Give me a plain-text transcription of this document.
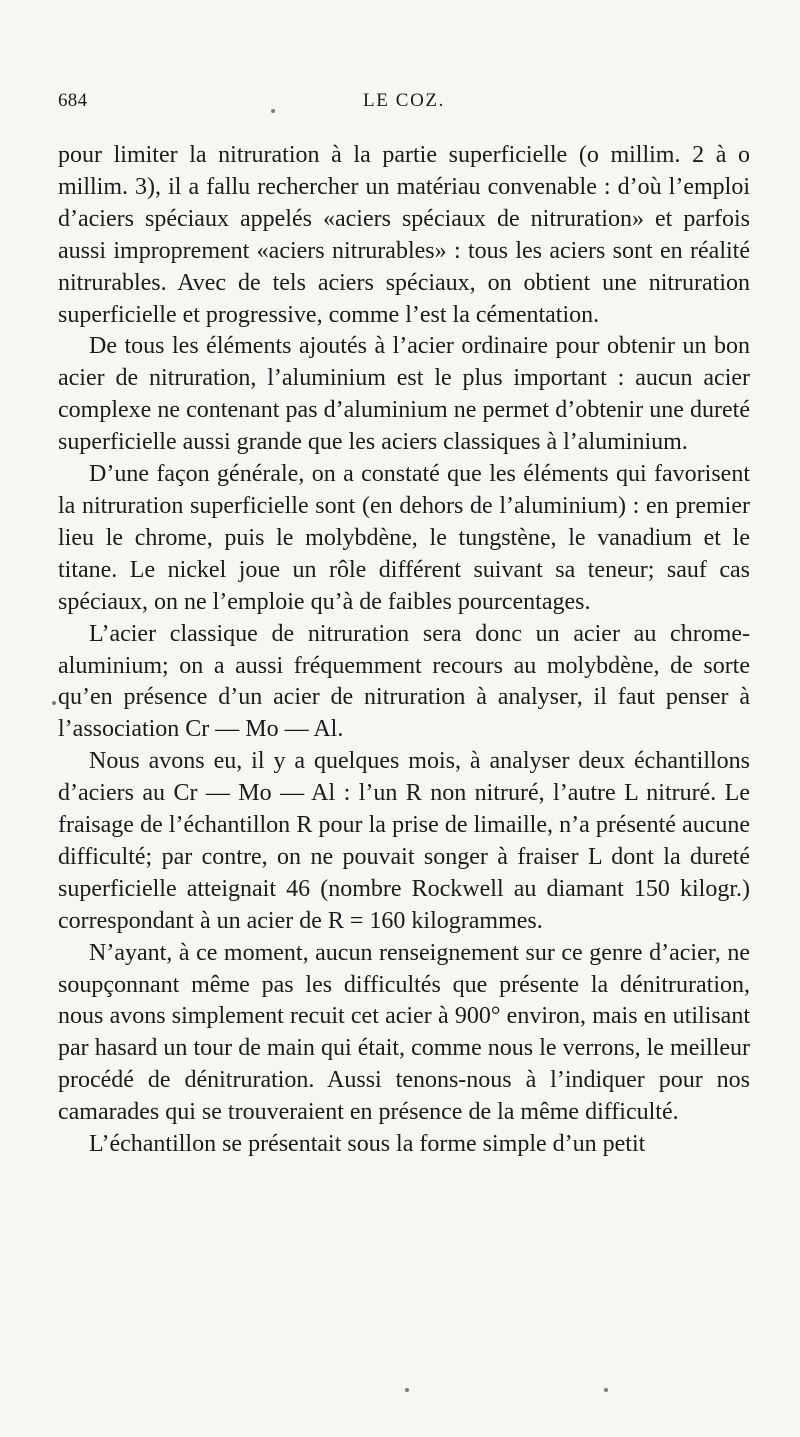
684	LE COZ.

pour limiter la nitruration à la partie superficielle (o millim. 2 à o millim. 3), il a fallu rechercher un matériau convenable : d’où l’emploi d’aciers spéciaux appelés «aciers spéciaux de nitruration» et parfois aussi improprement «aciers nitrurables» : tous les aciers sont en réalité nitrurables. Avec de tels aciers spéciaux, on obtient une nitruration superficielle et progressive, comme l’est la cémentation.

De tous les éléments ajoutés à l’acier ordinaire pour obtenir un bon acier de nitruration, l’aluminium est le plus important : aucun acier complexe ne contenant pas d’aluminium ne permet d’obtenir une dureté superficielle aussi grande que les aciers classiques à l’aluminium.

D’une façon générale, on a constaté que les éléments qui favorisent la nitruration superficielle sont (en dehors de l’aluminium) : en premier lieu le chrome, puis le molybdène, le tungstène, le vanadium et le titane. Le nickel joue un rôle différent suivant sa teneur; sauf cas spéciaux, on ne l’emploie qu’à de faibles pourcentages.

L’acier classique de nitruration sera donc un acier au chrome-aluminium; on a aussi fréquemment recours au molybdène, de sorte qu’en présence d’un acier de nitruration à analyser, il faut penser à l’association Cr — Mo — Al.

Nous avons eu, il y a quelques mois, à analyser deux échantillons d’aciers au Cr — Mo — Al : l’un R non nitruré, l’autre L nitruré. Le fraisage de l’échantillon R pour la prise de limaille, n’a présenté aucune difficulté; par contre, on ne pouvait songer à fraiser L dont la dureté superficielle atteignait 46 (nombre Rockwell au diamant 150 kilogr.) correspondant à un acier de R = 160 kilogrammes.

N’ayant, à ce moment, aucun renseignement sur ce genre d’acier, ne soupçonnant même pas les difficultés que présente la dénitruration, nous avons simplement recuit cet acier à 900° environ, mais en utilisant par hasard un tour de main qui était, comme nous le verrons, le meilleur procédé de dénitruration. Aussi tenons-nous à l’indiquer pour nos camarades qui se trouveraient en présence de la même difficulté.

L’échantillon se présentait sous la forme simple d’un petit
